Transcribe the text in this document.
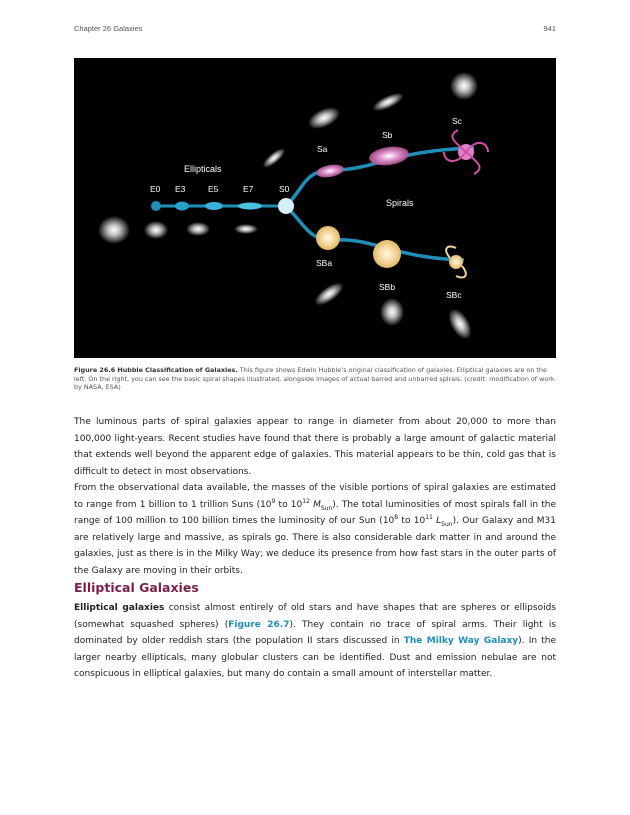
Chapter 26 Galaxies	941
Ellipticals
E0 E3	E5	E7	S0
Sa
Sb
Sc
Spirals
SBa
SBb
SBc
Figure 26.6 Hubble Classification of Galaxies. This figure shows Edwin Hubble’s original classification of galaxies. Elliptical galaxies are on the left. On the right, you can see the basic spiral shapes illustrated, alongside images of actual barred and unbarred spirals. (credit: modification of work by NASA, ESA)
The luminous parts of spiral galaxies appear to range in diameter from about 20,000 to more than 100,000 light-years. Recent studies have found that there is probably a large amount of galactic material that extends well beyond the apparent edge of galaxies. This material appears to be thin, cold gas that is difficult to detect in most observations.
From the observational data available, the masses of the visible portions of spiral galaxies are estimated to range from 1 billion to 1 trillion Suns ($10^9$ to $10^{12}$ $M_{Sun}$). The total luminosities of most spirals fall in the range of 100 million to 100 billion times the luminosity of our Sun ($10^8$ to $10^{11}$ $L_{Sun}$). Our Galaxy and M31 are relatively large and massive, as spirals go. There is also considerable dark matter in and around the galaxies, just as there is in the Milky Way; we deduce its presence from how fast stars in the outer parts of the Galaxy are moving in their orbits.
Elliptical Galaxies
Elliptical galaxies consist almost entirely of old stars and have shapes that are spheres or ellipsoids (somewhat squashed spheres) (Figure 26.7). They contain no trace of spiral arms. Their light is dominated by older reddish stars (the population II stars discussed in The Milky Way Galaxy). In the larger nearby ellipticals, many globular clusters can be identified. Dust and emission nebulae are not conspicuous in elliptical galaxies, but many do contain a small amount of interstellar matter.
